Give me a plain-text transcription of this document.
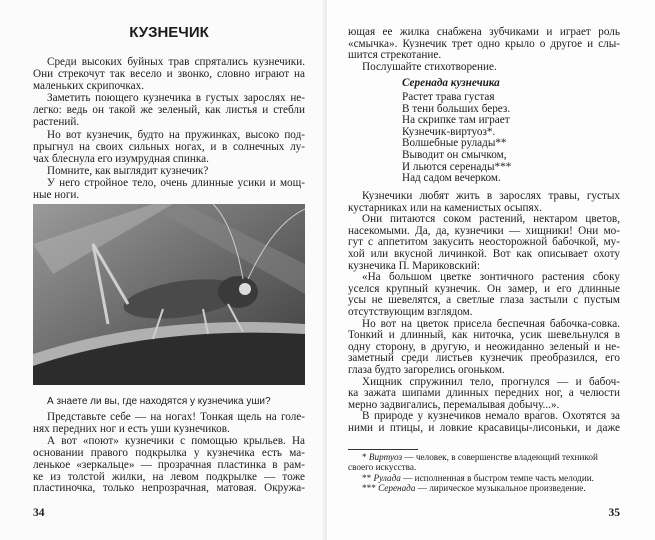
КУЗНЕЧИК
Среди высоких буйных трав спрятались кузнечики.
Они стрекочут так весело и звонко, словно играют на
маленьких скрипочках.
Заметить поющего кузнечика в густых зарослях не-
легко: ведь он такой же зеленый, как листья и стебли
растений.
Но вот кузнечик, будто на пружинках, высоко под-
прыгнул на своих сильных ногах, и в солнечных лу-
чах блеснула его изумрудная спинка.
Помните, как выглядит кузнечик?
У него стройное тело, очень длинные усики и мощ-
ные ноги.
А знаете ли вы, где находятся у кузнечика уши?
Представьте себе — на ногах! Тонкая щель на голе-
нях передних ног и есть уши кузнечиков.
А вот «поют» кузнечики с помощью крыльев. На
основании правого подкрылка у кузнечика есть ма-
ленькое «зеркальце» — прозрачная пластинка в рам-
ке из толстой жилки, на левом подкрылке — тоже
пластиночка, только непрозрачная, матовая. Окружа-
34
ющая ее жилка снабжена зубчиками и играет роль
«смычка». Кузнечик трет одно крыло о другое и слы-
шится стрекотание.
Послушайте стихотворение.
Серенада кузнечика
Растет трава густая
В тени больших берез.
На скрипке там играет
Кузнечик-виртуоз*.
Волшебные рулады**
Выводит он смычком,
И льются серенады***
Над садом вечерком.
Кузнечики любят жить в зарослях травы, густых
кустарниках или на каменистых осыпях.
Они питаются соком растений, нектаром цветов,
насекомыми. Да, да, кузнечики — хищники! Они мо-
гут с аппетитом закусить неосторожной бабочкой, му-
хой или вкусной личинкой. Вот как описывает охоту
кузнечика П. Мариковский:
«На большом цветке зонтичного растения сбоку
уселся крупный кузнечик. Он замер, и его длинные
усы не шевелятся, а светлые глаза застыли с пустым
отсутствующим взглядом.
Но вот на цветок присела беспечная бабочка-совка.
Тонкий и длинный, как ниточка, усик шевельнулся в
одну сторону, в другую, и неожиданно зеленый и не-
заметный среди листьев кузнечик преобразился, его
глаза будто загорелись огоньком.
Хищник спружинил тело, прогнулся — и бабоч-
ка зажата шипами длинных передних ног, а челюсти
мерно задвигались, перемалывая добычу...».
В природе у кузнечиков немало врагов. Охотятся за
ними и птицы, и ловкие красавицы-лисоньки, и даже
* Виртуоз — человек, в совершенстве владеющий техникой своего искусства.
** Рулада — исполненная в быстром темпе часть мелодии.
*** Серенада — лирическое музыкальное произведение.
35
